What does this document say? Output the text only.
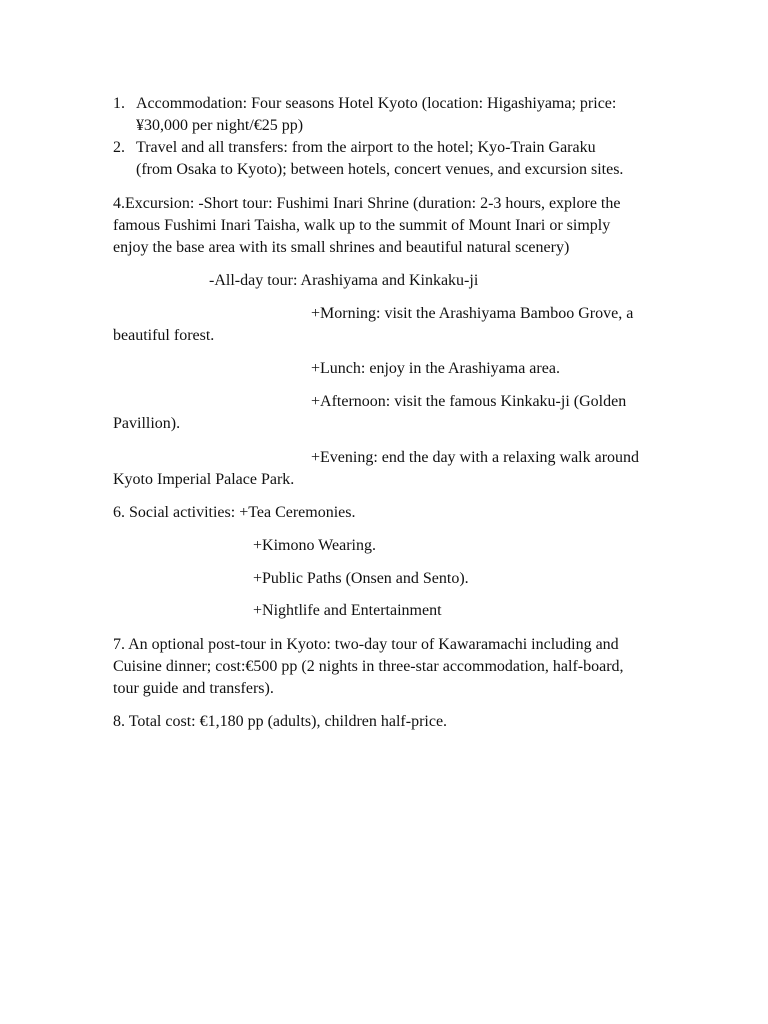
1. Accommodation: Four seasons Hotel Kyoto (location: Higashiyama; price:
¥30,000 per night/€25 pp)
2. Travel and all transfers: from the airport to the hotel; Kyo-Train Garaku
(from Osaka to Kyoto); between hotels, concert venues, and excursion sites.
4.Excursion: -Short tour: Fushimi Inari Shrine (duration: 2-3 hours, explore the
famous Fushimi Inari Taisha, walk up to the summit of Mount Inari or simply
enjoy the base area with its small shrines and beautiful natural scenery)
-All-day tour: Arashiyama and Kinkaku-ji
+Morning: visit the Arashiyama Bamboo Grove, a
beautiful forest.
+Lunch: enjoy in the Arashiyama area.
+Afternoon: visit the famous Kinkaku-ji (Golden
Pavillion).
+Evening: end the day with a relaxing walk around
Kyoto Imperial Palace Park.
6. Social activities: +Tea Ceremonies.
+Kimono Wearing.
+Public Paths (Onsen and Sento).
+Nightlife and Entertainment
7. An optional post-tour in Kyoto: two-day tour of Kawaramachi including and
Cuisine dinner; cost:€500 pp (2 nights in three-star accommodation, half-board,
tour guide and transfers).
8. Total cost: €1,180 pp (adults), children half-price.
